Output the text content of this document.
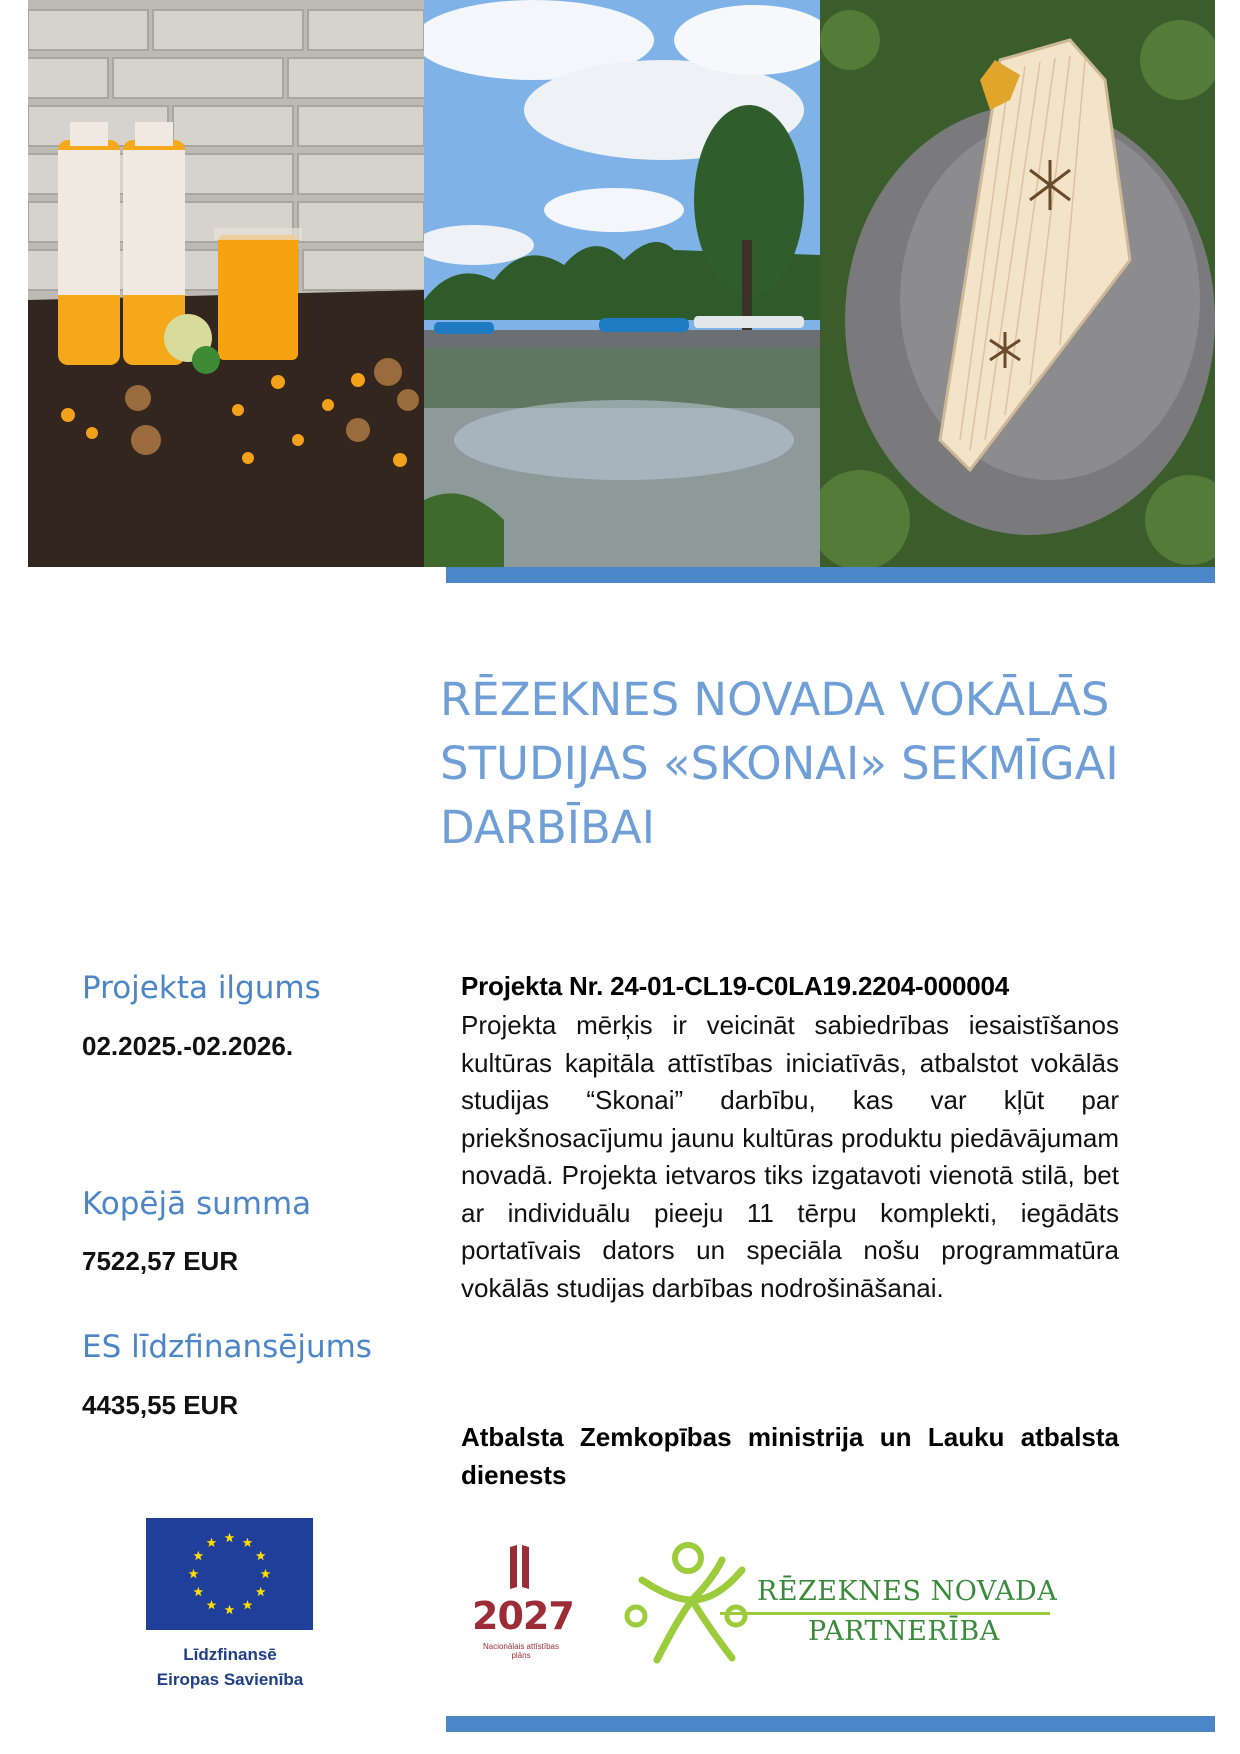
RĒZEKNES NOVADA VOKĀLĀS
STUDIJAS «SKONAI» SEKMĪGAI
DARBĪBAI

Projekta ilgums

02.2025.-02.2026.

Kopējā summa

7522,57 EUR

ES līdzfinansējums

4435,55 EUR

Projekta Nr. 24-01-CL19-C0LA19.2204-000004

Projekta mērķis ir veicināt sabiedrības iesaistīšanos kultūras kapitāla attīstības iniciatīvās, atbalstot vokālās studijas “Skonai” darbību, kas var kļūt par priekšnosacījumu jaunu kultūras produktu piedāvājumam novadā. Projekta ietvaros tiks izgatavoti vienotā stilā, bet ar individuālu pieeju 11 tērpu komplekti, iegādāts portatīvais dators un speciāla nošu programmatūra vokālās studijas darbības nodrošināšanai.

Atbalsta Zemkopības ministrija un Lauku atbalsta dienests

Līdzfinansē

Eiropas Savienība

2027

Nacionālais attīstības plāns

RĒZEKNES NOVADA

PARTNERĪBA
